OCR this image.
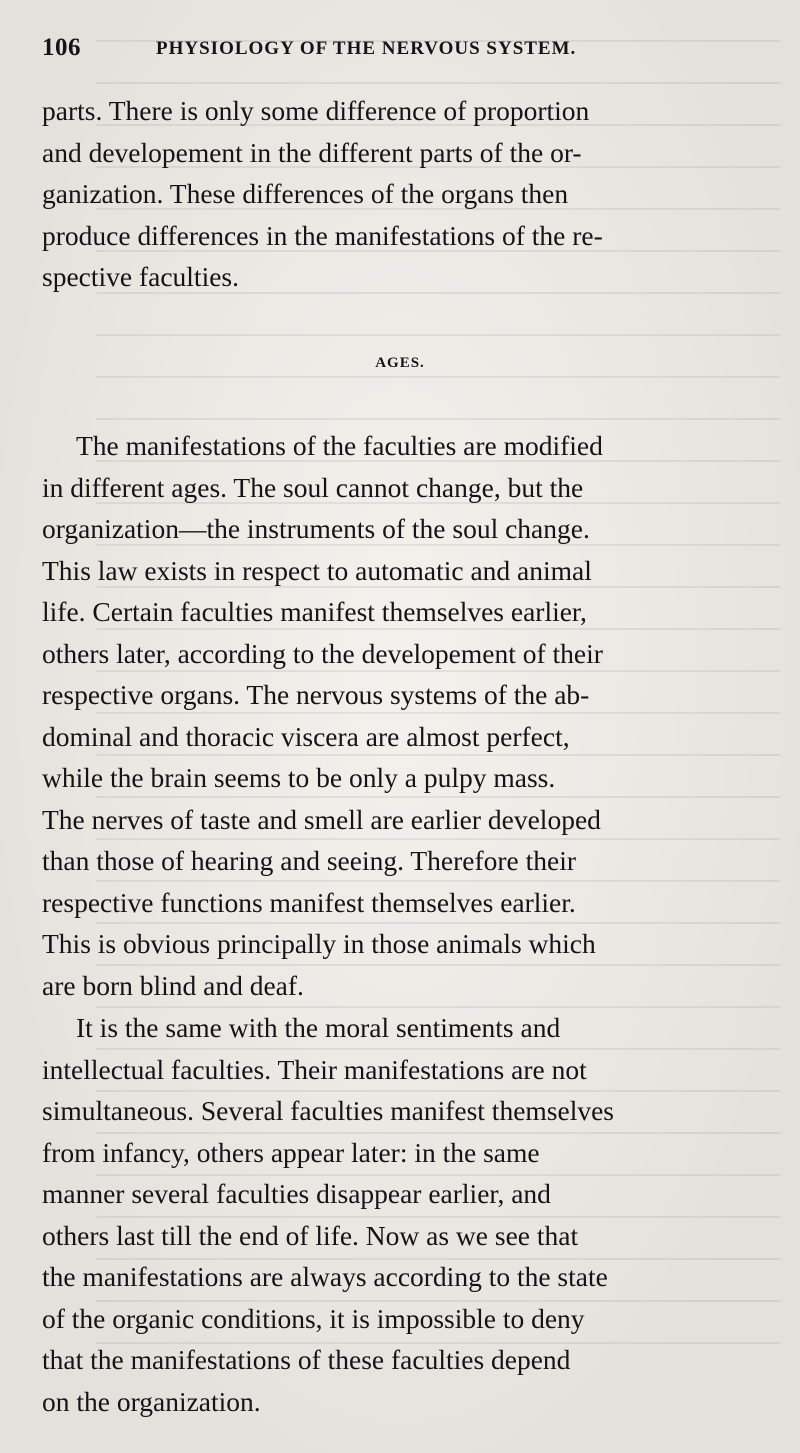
106	PHYSIOLOGY OF THE NERVOUS SYSTEM.
parts. There is only some difference of proportion
and developement in the different parts of the or-
ganization. These differences of the organs then
produce differences in the manifestations of the re-
spective faculties.
AGES.
The manifestations of the faculties are modified
in different ages. The soul cannot change, but the
organization—the instruments of the soul change.
This law exists in respect to automatic and animal
life. Certain faculties manifest themselves earlier,
others later, according to the developement of their
respective organs. The nervous systems of the ab-
dominal and thoracic viscera are almost perfect,
while the brain seems to be only a pulpy mass.
The nerves of taste and smell are earlier developed
than those of hearing and seeing. Therefore their
respective functions manifest themselves earlier.
This is obvious principally in those animals which
are born blind and deaf.
It is the same with the moral sentiments and
intellectual faculties. Their manifestations are not
simultaneous. Several faculties manifest themselves
from infancy, others appear later: in the same
manner several faculties disappear earlier, and
others last till the end of life. Now as we see that
the manifestations are always according to the state
of the organic conditions, it is impossible to deny
that the manifestations of these faculties depend
on the organization.
